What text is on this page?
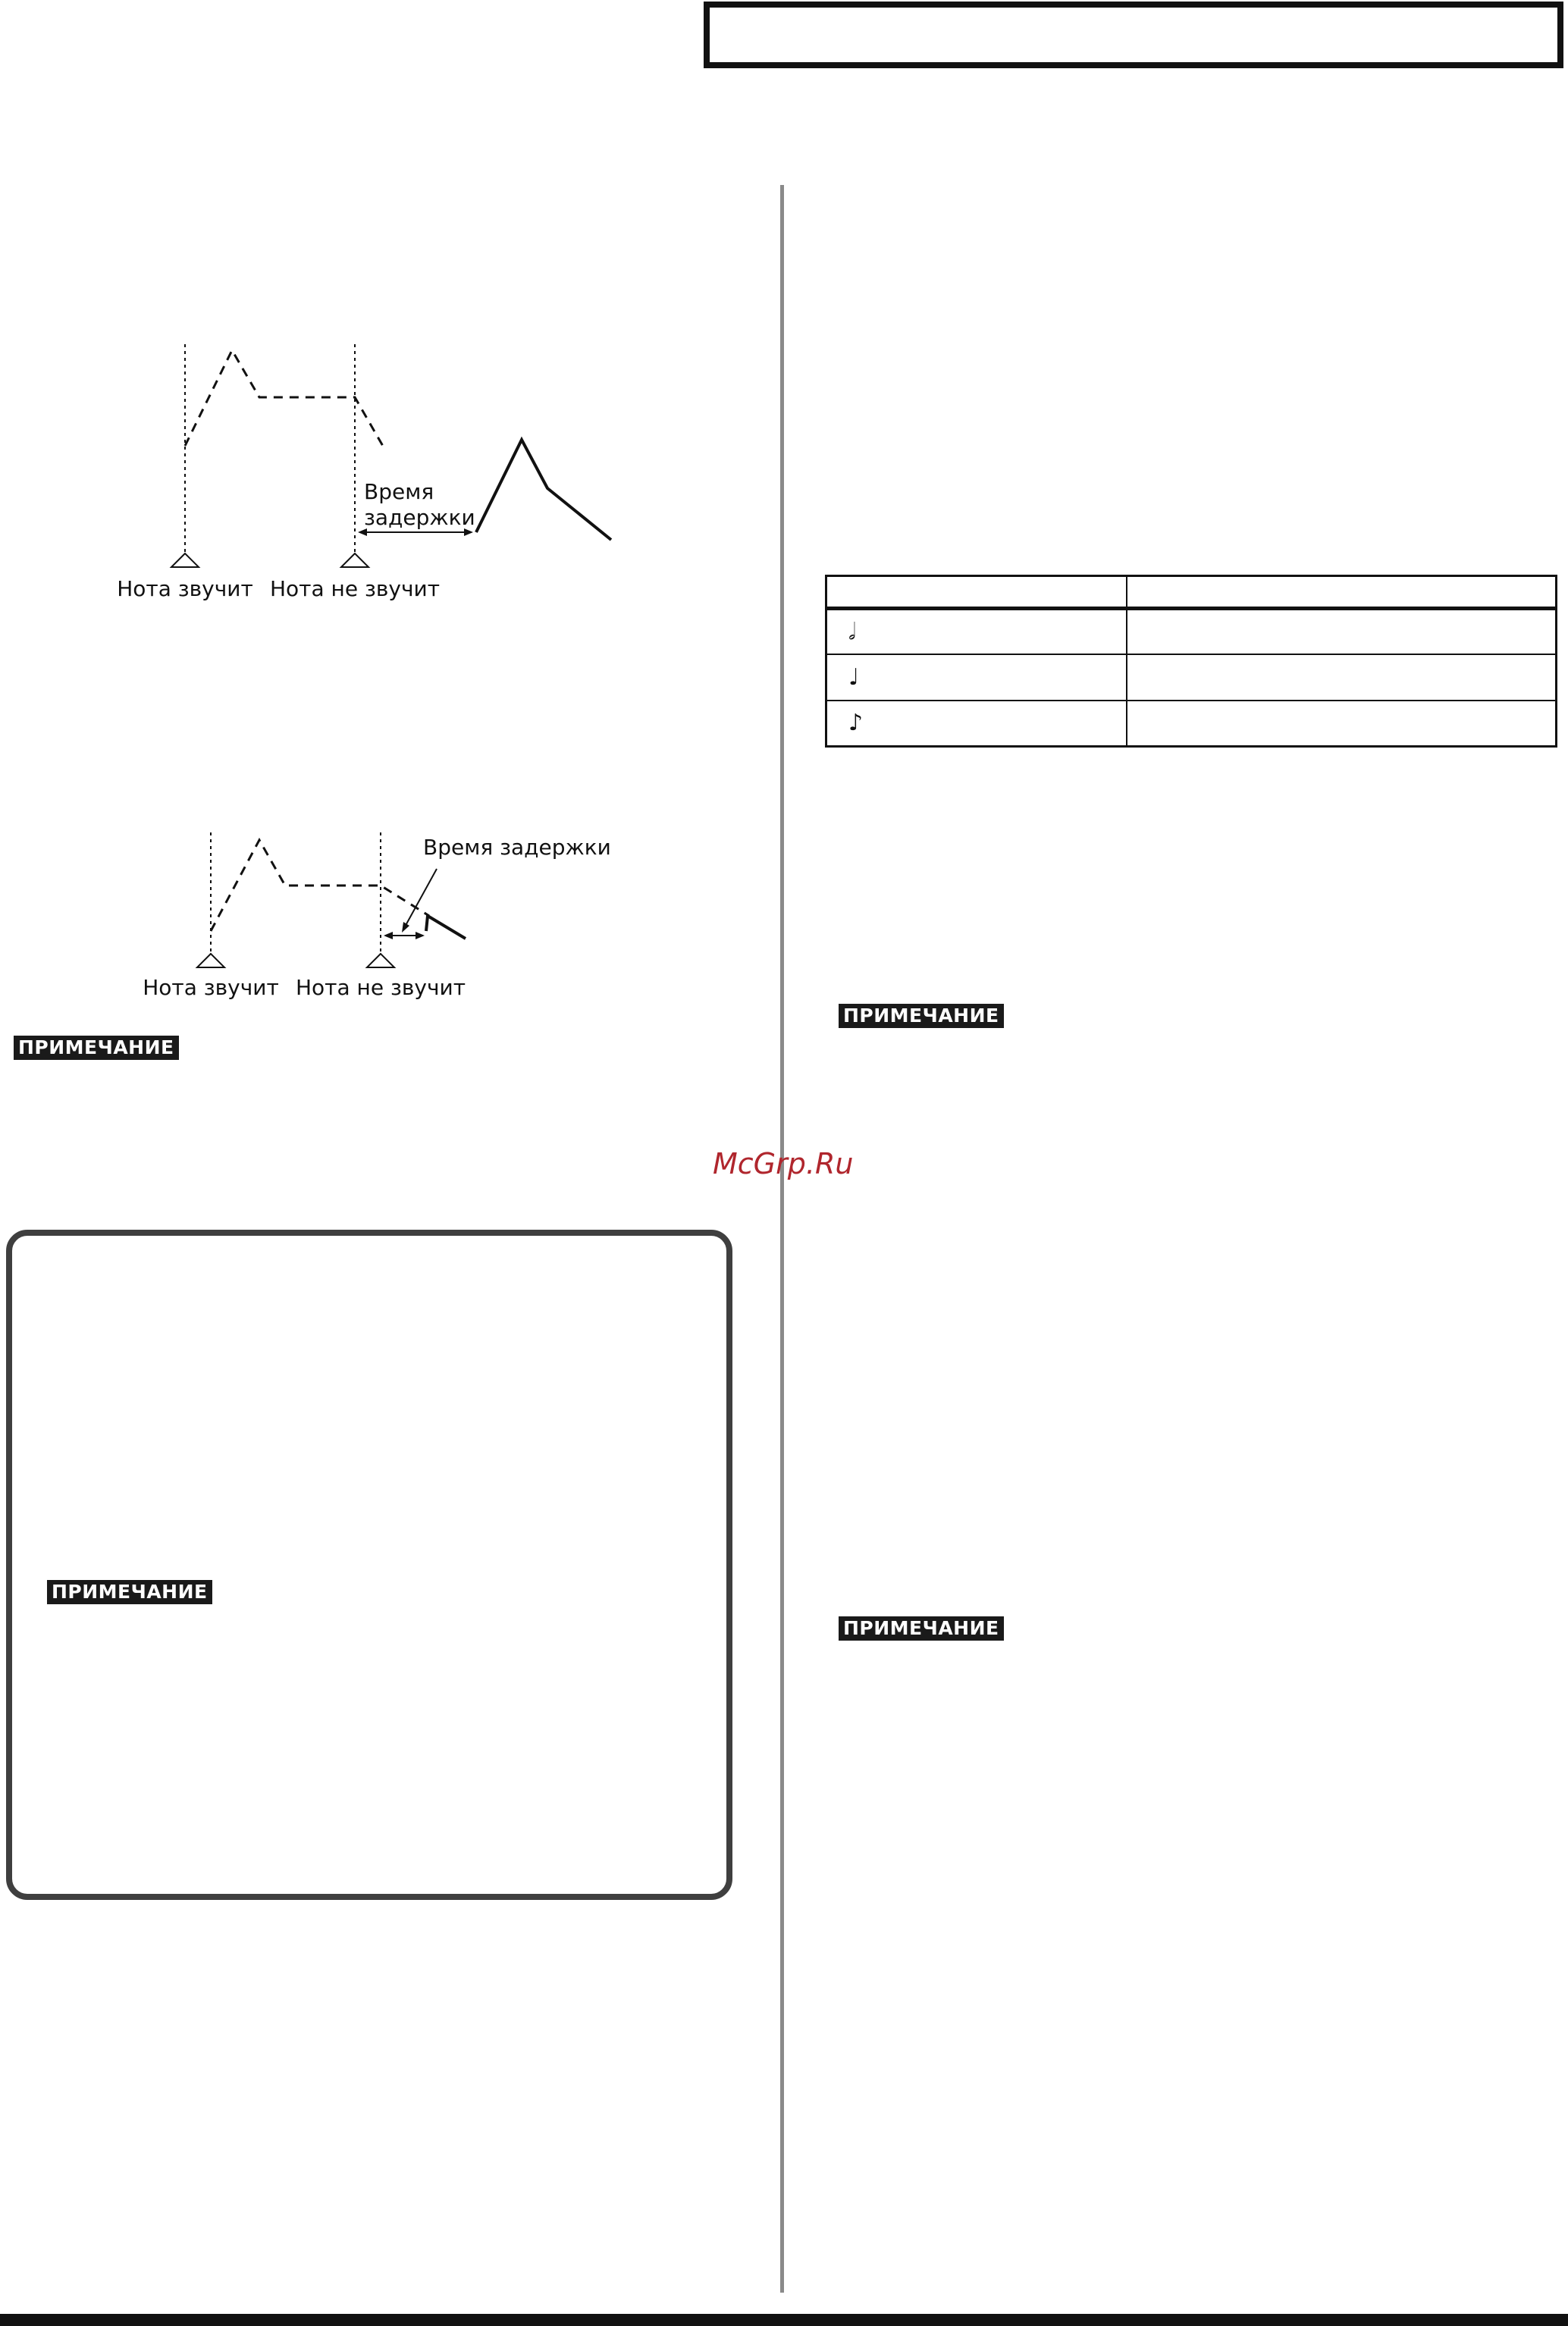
Время
задержки
Нота звучит Нота не звучит
Время задержки
Нота звучит Нота не звучит
ПРИМЕЧАНИЕ
ПРИМЕЧАНИЕ
ПРИМЕЧАНИЕ
McGrp.Ru
ПРИМЕЧАНИЕ

𝅗𝅥	
♩	
♪	
